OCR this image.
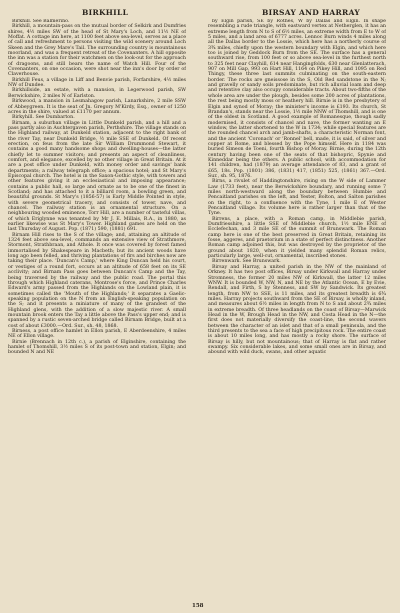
BIRKHILL	BIRSAY AND HARRAY

Birkhill. See Balmerino.

Birkhill, a mountain-pass on the mutual border of Selkirk and Dumfries shires, 4½ miles SW of the head of St Mary's Loch, and 11½ NE of Moffat. A cottage inn here, at 1100 feet above sea-level, serves as a place of call and refreshment to persons visiting the wild scenery around Loch Skeen and the Grey Mare's Tail. The surrounding country is mountainous moorland, and was a frequent retreat of the Covenanters. A hill opposite the inn was a station for their watchmen on the look-out for the approach of dragoons, and still bears the name of Watch Hill. Four of the Covenanters, on one occasion, were shot near the inn's door by order of Claverhouse.

Birkhill Feus, a village in Liff and Benvie parish, Forfarshire, 4½ miles NW of Dundee.

Birkhillside, an estate, with a mansion, in Legerwood parish, SW Berwickshire, 2 miles N of Earlston.

Birkwood, a mansion in Lesmahagow parish, Lanarkshire, 2 mile SSW of Abbeygreen. It is the seat of Jn. Gregory M'Kirdy, Esq., owner of 1250 acres in the shire, valued at £1170 per annum.

Birkyhill. See Dumbarton.

Birnam, a suburban village in Little Dunkeld parish, and a hill and a pass partly also in Auchtergaven parish, Perthshire. The village stands on the Highland railway, at Dunkeld station, adjacent to the right bank of the river Tay, near Dunkeld Bridge, ½ mile SSE of Dunkeld. Of recent erection, on feus from the late Sir William Drummond Stewart, it contains a good many handsome shops and dwelling-houses—the latter chiefly let to summer visitors; and presents an aspect of cleanliness, comfort, and elegance, excelled by no other village in Great Britain. At it are a post office under Dunkeld, with money order and savings' bank departments; a railway telegraph office; a spacious hotel; and St Mary's Episcopal church. The hotel is in the Saxon-Gothic style, with towers and other features giving it an ecclesiastical and imposing appearance; contains a public hall, so large and ornate as to be one of the finest in Scotland; and has attached to it a billiard room, a bowling green, and beautiful grounds. St Mary's (1856-57) is Early Middle Pointed in style, with severe geometrical tracery, and consists of tower, nave, and chancel. The railway station is an ornamental structure. On a neighbouring wooded eminence, Torr Hill, are a number of tasteful villas, of which Eriglynne was tenanted by Mr J. E. Millais, R.A., in 1880, as earlier likewise was St Mary's Tower. Highland games are held on the last Thursday of August. Pop. (1871) 590, (1881) 691.

Birnam Hill rises to the S of the village; and, attaining an altitude of 1324 feet above sea-level, commands an extensive view of Strathmore, Stormont, Strathbraan, and Athole. It once was covered by forest famed immortalised by Shakespeare in Macbeth; but its ancient woods have long ago been felled, and thriving plantations of firs and birches now are taking their place. 'Duncan's Camp,' where King Duncan held his court, or vestiges of a round fort, occurs at an altitude of 658 feet on its SE acclivity; and Birnam Pass goes between Duncan's Camp and the Tay, being traversed by the railway and the public road. The portal this through which Highland caterans, Montrose's force, and Prince Charles Edward's army passed from the Highlands on the Lowland plain, it is sometimes called the 'Mouth of the Highlands;' it separates a Gaelic-speaking population on the N from an English-speaking population on the S; and it presents a miniature of many of the grandest of the Highland glens, with the addition of a slow majestic river. A small mountain brook enters the Tay a little above the Pass's upper end; and is spanned by a rustic seven-arched bridge called Birnam Bridge, built at a cost of about £3000.—Ord. Sur., sh. 48, 1868.

Birness, a post office hamlet in Ellon parish, E Aberdeenshire, 4 miles NE of Ellon village.

Birnie (Brennach in 12th c.), a parish of Elginshire, containing the hamlet of Thomshill, 3½ miles S of its post-town and station, Elgin; and bounded N and NE

by Elgin parish, SE by Rothes, W by Dallas and Elgin. In shape resembling a rude triangle, with eastward vertex at Netherglen, it has an extreme length from N to S of 6½ miles, an extreme width from E to W of 5 miles, and a land area of 6777 acres. Lennoc Burn winds 4 miles along all the Dallas border to the Lossie, which here has a northerly course of 3¾ miles, chiefly upon the western boundary with Elgin, and which here too is joined by Geddock Burn from the SE. The surface has a general southward rise, from 100 feet or so above sea-level in the furthest north to 325 feet near Clayhill, 614 near Hangingfolds, 630 near Glenlatterach, 907 on Mill Gap, 993 on Hart Hill, 1164 on Pikey Hill, and 1095 on Red Thingy, these three last summits culminating on the south-eastern border. The rocks are gneissose in the S, Old Red sandstone in the N; and gravelly or sandy soils predominate, but rich alluvial loam and deep and retentive clay also occupy considerable tracts. About two-fifths of the whole area are under the plough, besides some 200 acres of plantations, the rest being mostly moss or heathery hill. Birnie is in the presbytery of Elgin and synod of Moray; the minister's income is £193. Its church, St Brandan's, stands near the Lossie, 1½ mile NNW of Thomshill, and is one of the oldest in Scotland. A good example of Romanesque, though sadly modernised, it consists of chancel and nave, the former wanting an E window, the latter shortened to the W in 1734; while special features are the rounded chancel arch and jamb-shafts, a characteristic Norman font, and the ancient 'Coronach' or 'Ronnel' bell, made, it is said, of silver and copper at Rome, and blessed by the Pope himself. Here in 1184 was buried Simeon de Toeni, fourth Bishop of Moray. Birnie, during the 12th century having been one of the seats of that bishopric, Spynie and Kinneddar being the others. A public school, with accommodation for 141 children, had (1879) an average attendance of 83, and a grant of £65, 18s. Pop. (1801) 386, (1831) 417, (1851) 525, (1861) 367.—Ord. Sur., sh. 95, 1876.

Birns, a rivulet of Haddingtonshire, rising on the W side of Lammer Law (1733 feet), near the Berwickshire boundary, and running some 7 miles north-westward along the boundary between Humbie and Pencaitland parishes on the left, and Yester, Bolton, and Salton parishes on the right, to a confluence with the Tyne, 1 mile E of Wester Pencaitland village. Its volume here is rather larger than that of the Tyne.

Birrens, a place, with a Roman camp, in Middlebie parish, Dumfriesshire, a little SSE of Middlebie church, 1½ mile ENE of Ecclefechan, and 3 mile SE of the summit of Brunswark. The Roman camp here is one of the best preserved in Great Britain, retaining its fosse, aggeres, and praetorium in a state of perfect distinctness. Another Roman camp adjoined this, but was destroyed by the proprietor of the ground about 1820, when it yielded many splendid Roman relics, particularly large, well-cut, ornamental, inscribed stones.

Birrenwark. See Brunswark.

Birsay and Harray, a united parish in the NW of the mainland of Orkney. It has two post offices, Birsay under Kirkwall and Harray under Stromness, the former 20 miles NW of Kirkwall, the latter 12 miles WNW. It is bounded W, NW, N, and NE by the Atlantic Ocean, E by Evie, Rendall, and Firth, S by Stenness, and SW by Sandwick. Its greatest length, from NW to SSE, is 11 miles, and its greatest breadth is 6¾ miles. Harray projects southward from the SE of Birsay, is wholly inland, and measures about 6½ miles in length from N to S and about 2¾ miles in extreme breadth. Of three headlands on the coast of Birsay—Marwick Head in the W, Brough Head in the NW, and Costa Head in the N—the first does not materially diversify the coast-line, the second wavers between the character of an islet and that of a small peninsula, and the third presents to the sea a face of high precipitous rock. The entire coast is about 10 miles long, and has mostly a rocky shore. The surface of Birsay is hilly, but not mountainous; that of Harray is flat and rather swampy. Six considerable lakes, and some small ones are in Birsay, and abound with wild duck, swans, and other aquatic

158
